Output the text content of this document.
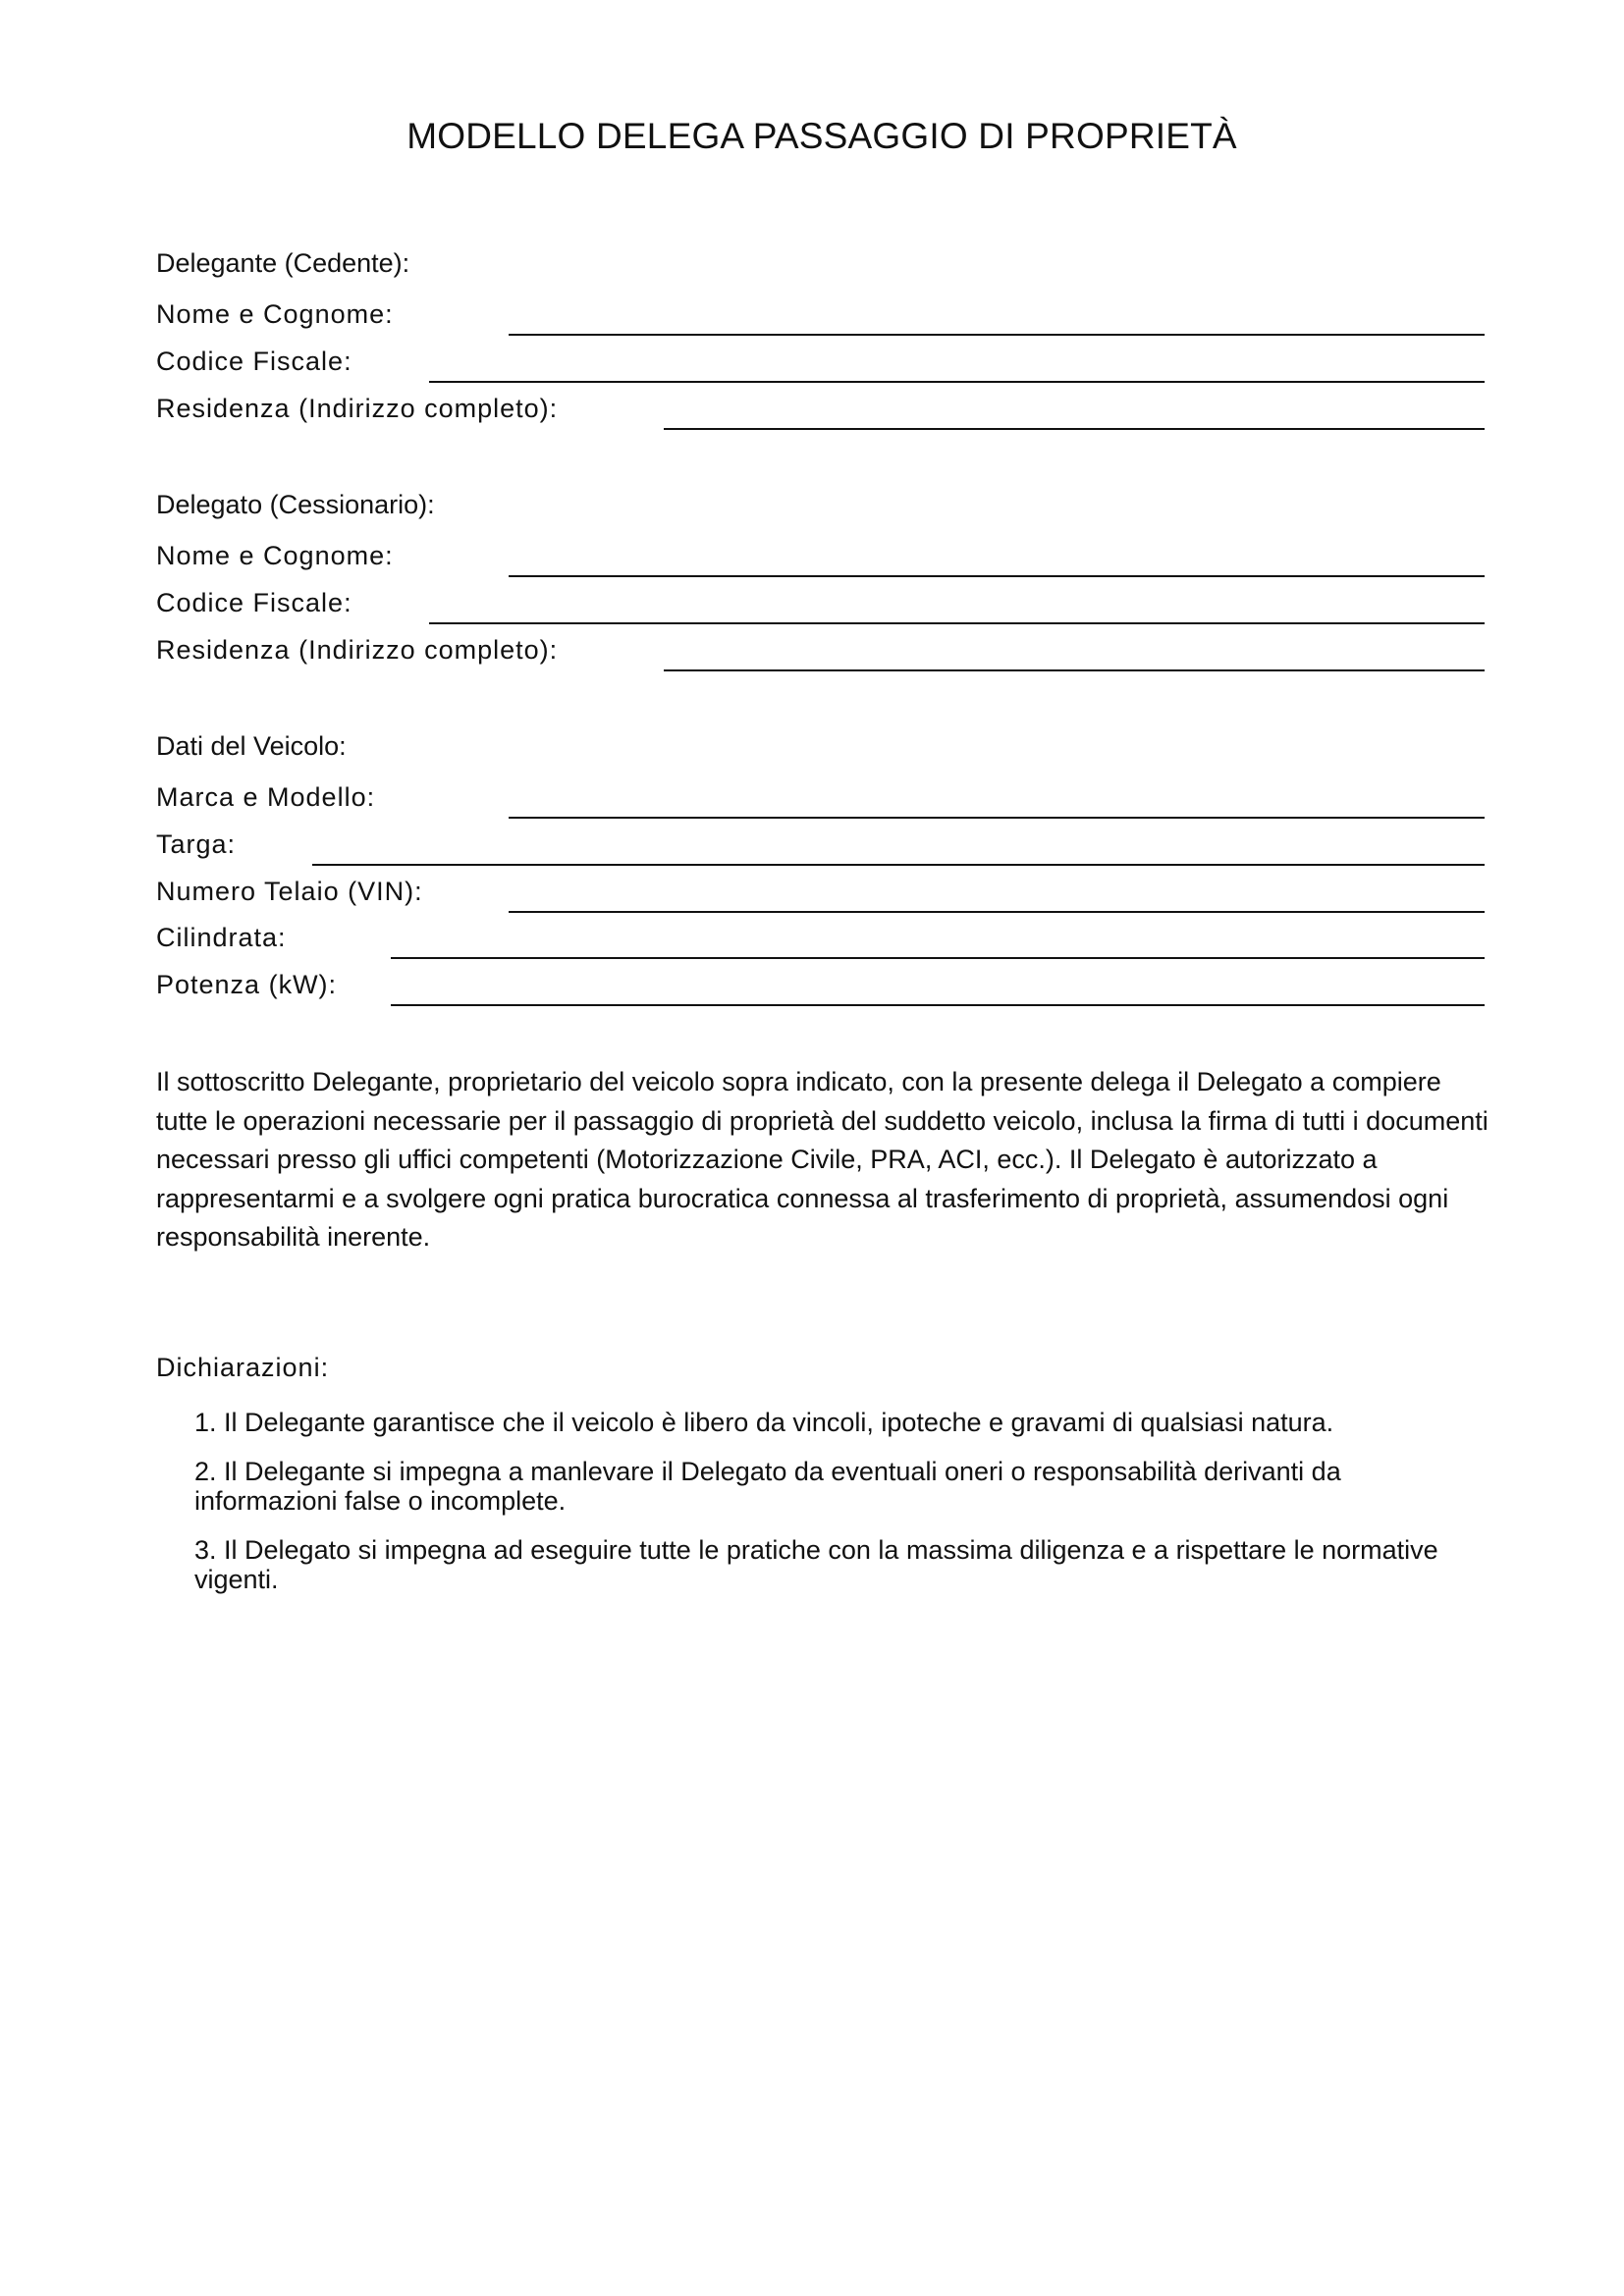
MODELLO DELEGA PASSAGGIO DI PROPRIETÀ
Delegante (Cedente):
Nome e Cognome:
Codice Fiscale:
Residenza (Indirizzo completo):
Delegato (Cessionario):
Nome e Cognome:
Codice Fiscale:
Residenza (Indirizzo completo):
Dati del Veicolo:
Marca e Modello:
Targa:
Numero Telaio (VIN):
Cilindrata:
Potenza (kW):

Il sottoscritto Delegante, proprietario del veicolo sopra indicato, con la presente delega il Delegato a compiere tutte le operazioni necessarie per il passaggio di proprietà del suddetto veicolo, inclusa la firma di tutti i documenti necessari presso gli uffici competenti (Motorizzazione Civile, PRA, ACI, ecc.). Il Delegato è autorizzato a rappresentarmi e a svolgere ogni pratica burocratica connessa al trasferimento di proprietà, assumendosi ogni responsabilità inerente.

Dichiarazioni:
1. Il Delegante garantisce che il veicolo è libero da vincoli, ipoteche e gravami di qualsiasi natura.
2. Il Delegante si impegna a manlevare il Delegato da eventuali oneri o responsabilità derivanti da informazioni false o incomplete.
3. Il Delegato si impegna ad eseguire tutte le pratiche con la massima diligenza e a rispettare le normative vigenti.
